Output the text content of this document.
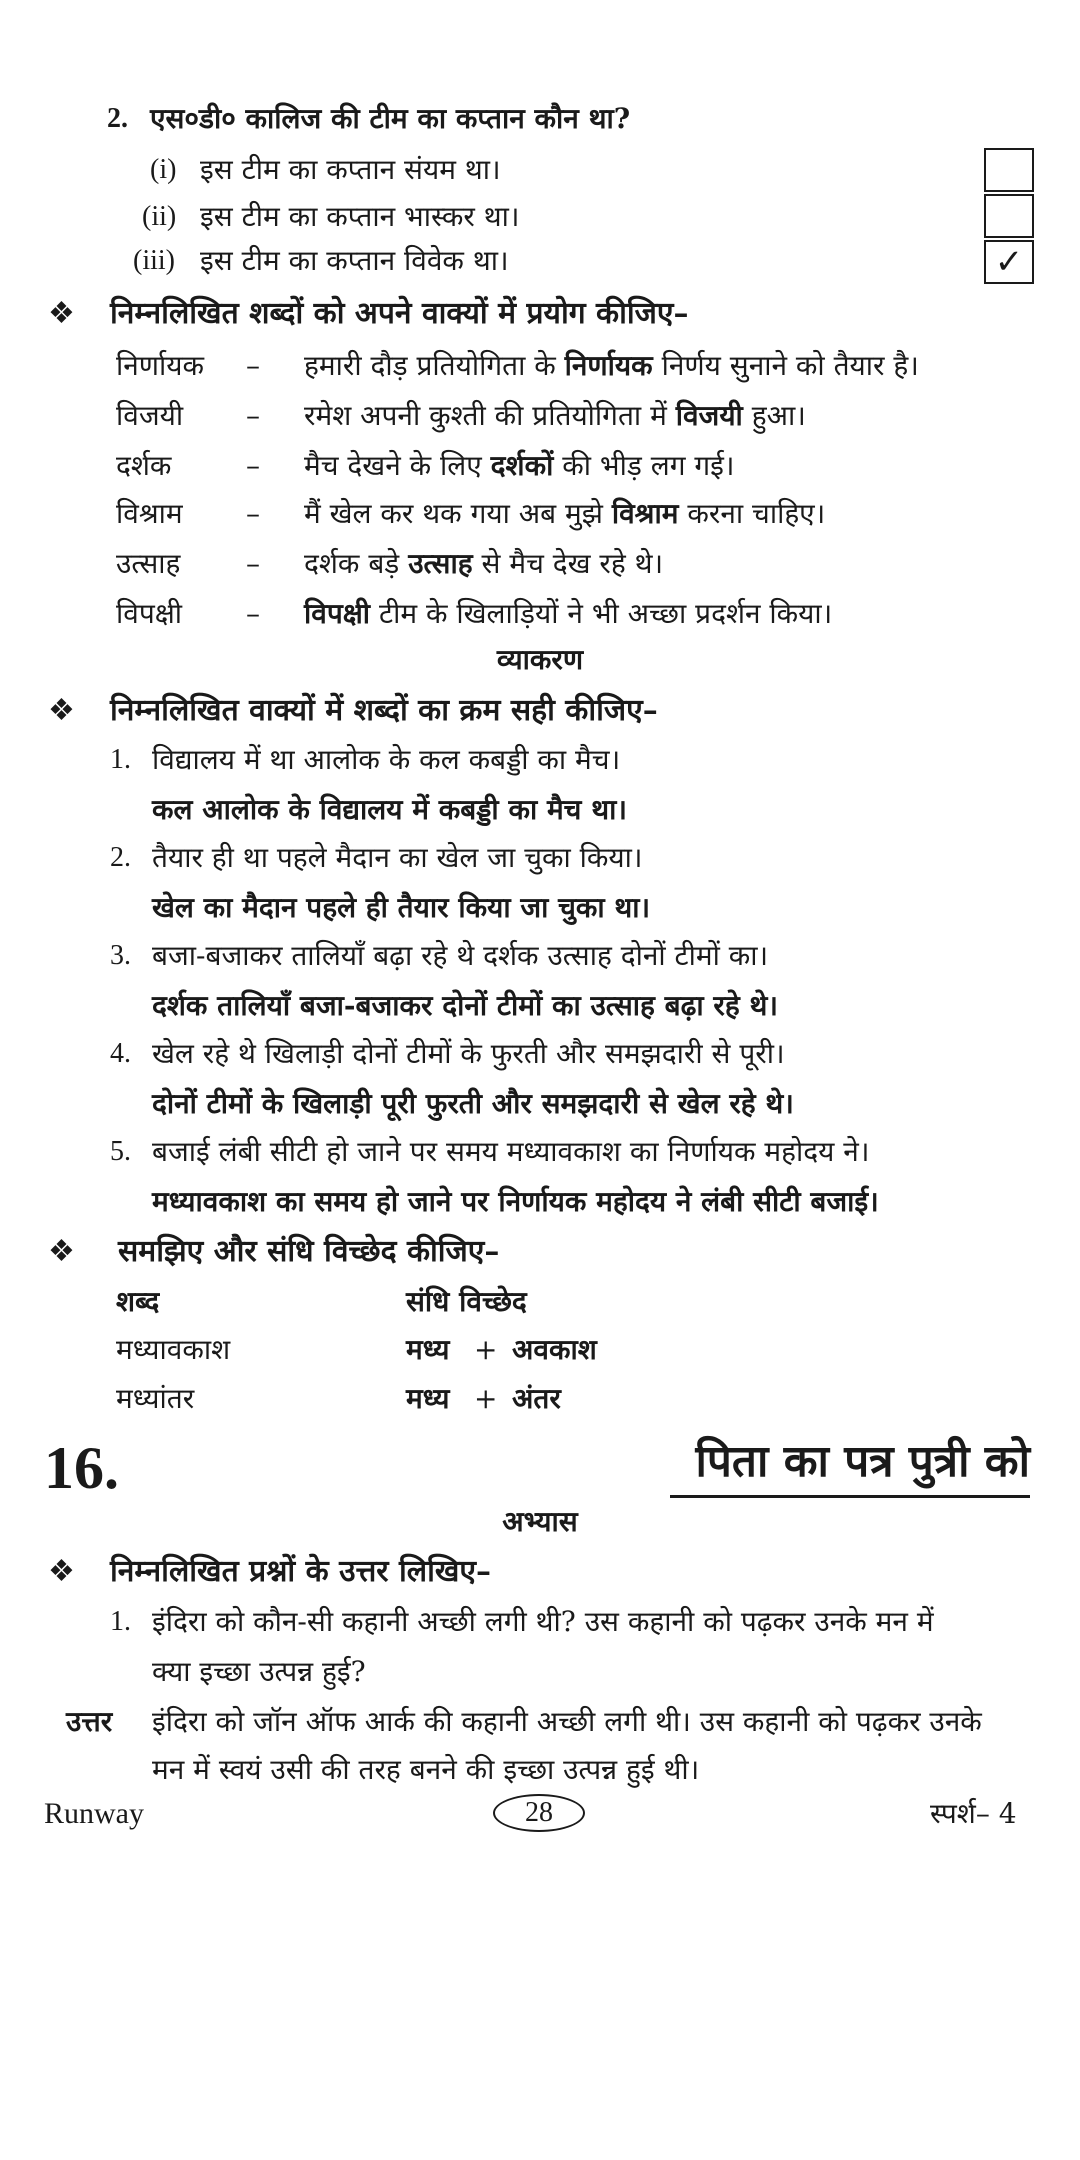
2. एस०डी० कालिज की टीम का कप्तान कौन था?
(i) इस टीम का कप्तान संयम था।
(ii) इस टीम का कप्तान भास्कर था।
(iii) इस टीम का कप्तान विवेक था।	✓
❖ निम्नलिखित शब्दों को अपने वाक्यों में प्रयोग कीजिए–
निर्णायक – हमारी दौड़ प्रतियोगिता के निर्णायक निर्णय सुनाने को तैयार है।
विजयी – रमेश अपनी कुश्ती की प्रतियोगिता में विजयी हुआ।
दर्शक	– मैच देखने के लिए दर्शकों की भीड़ लग गई।
विश्राम – मैं खेल कर थक गया अब मुझे विश्राम करना चाहिए।
उत्साह – दर्शक बड़े उत्साह से मैच देख रहे थे।
विपक्षी – विपक्षी टीम के खिलाड़ियों ने भी अच्छा प्रदर्शन किया।
व्याकरण
❖ निम्नलिखित वाक्यों में शब्दों का क्रम सही कीजिए–
1. विद्यालय में था आलोक के कल कबड्डी का मैच।
कल आलोक के विद्यालय में कबड्डी का मैच था।
2. तैयार ही था पहले मैदान का खेल जा चुका किया।
खेल का मैदान पहले ही तैयार किया जा चुका था।
3. बजा-बजाकर तालियाँ बढ़ा रहे थे दर्शक उत्साह दोनों टीमों का।
दर्शक तालियाँ बजा-बजाकर दोनों टीमों का उत्साह बढ़ा रहे थे।
4. खेल रहे थे खिलाड़ी दोनों टीमों के फुरती और समझदारी से पूरी।
दोनों टीमों के खिलाड़ी पूरी फुरती और समझदारी से खेल रहे थे।
5. बजाई लंबी सीटी हो जाने पर समय मध्यावकाश का निर्णायक महोदय ने।
मध्यावकाश का समय हो जाने पर निर्णायक महोदय ने लंबी सीटी बजाई।
❖ समझिए और संधि विच्छेद कीजिए–
शब्द	संधि विच्छेद
मध्यावकाश	मध्य + अवकाश
मध्यांतर	मध्य + अंतर
16.	पिता का पत्र पुत्री को
अभ्यास
❖ निम्नलिखित प्रश्नों के उत्तर लिखिए–
1. इंदिरा को कौन-सी कहानी अच्छी लगी थी? उस कहानी को पढ़कर उनके मन में
क्या इच्छा उत्पन्न हुई?
उत्तर इंदिरा को जॉन ऑफ आर्क की कहानी अच्छी लगी थी। उस कहानी को पढ़कर उनके
मन में स्वयं उसी की तरह बनने की इच्छा उत्पन्न हुई थी।
Runway	28	स्पर्श– 4
